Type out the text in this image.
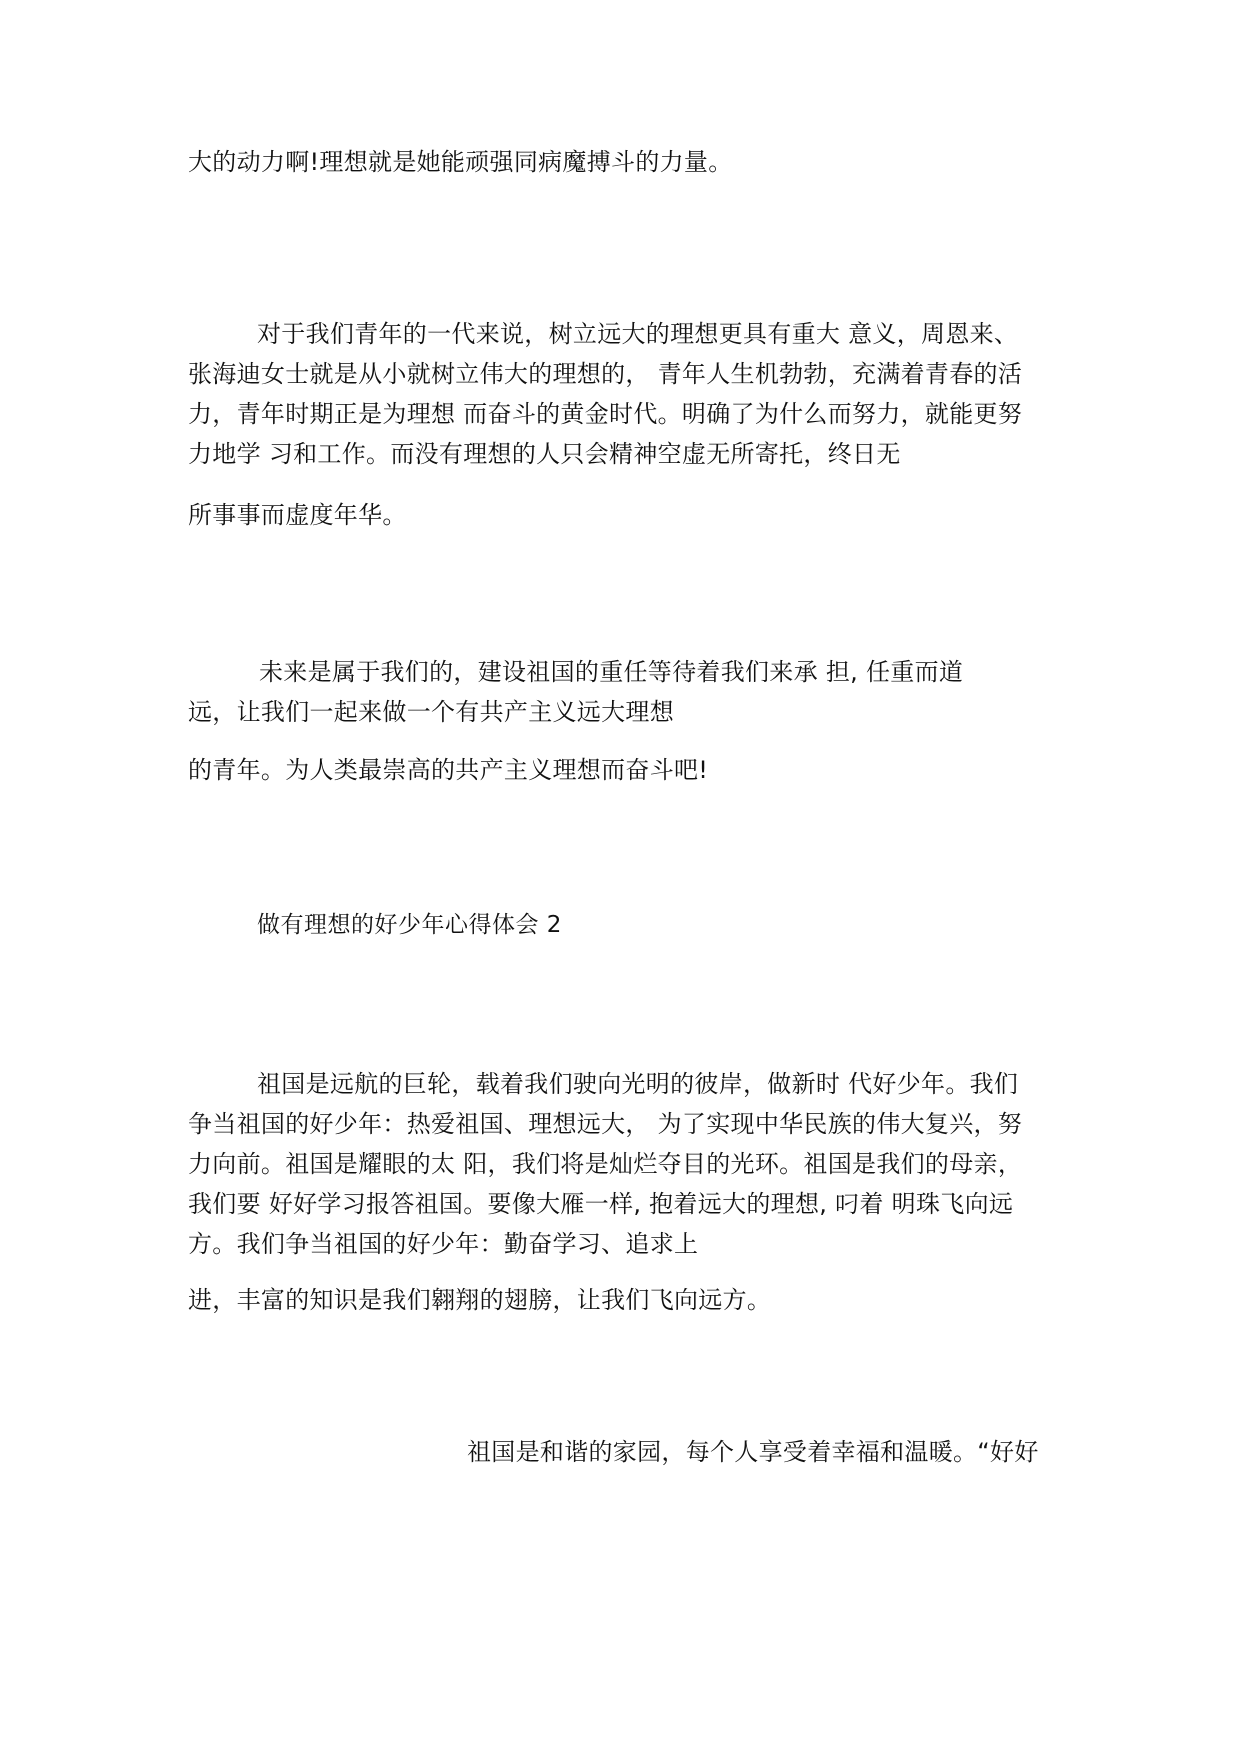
大的动力啊!理想就是她能顽强同病魔搏斗的力量。
对于我们青年的一代来说，树立远大的理想更具有重大 意义，周恩来、
张海迪女士就是从小就树立伟大的理想的， 青年人生机勃勃，充满着青春的活
力，青年时期正是为理想 而奋斗的黄金时代。明确了为什么而努力，就能更努
力地学 习和工作。而没有理想的人只会精神空虚无所寄托，终日无
所事事而虚度年华。
未来是属于我们的，建设祖国的重任等待着我们来承 担, 任重而道
远，让我们一起来做一个有共产主义远大理想
的青年。为人类最崇高的共产主义理想而奋斗吧!
做有理想的好少年心得体会 2
祖国是远航的巨轮，载着我们驶向光明的彼岸，做新时 代好少年。我们
争当祖国的好少年：热爱祖国、理想远大， 为了实现中华民族的伟大复兴，努
力向前。祖国是耀眼的太 阳，我们将是灿烂夺目的光环。祖国是我们的母亲，
我们要 好好学习报答祖国。要像大雁一样, 抱着远大的理想, 叼着 明珠飞向远
方。我们争当祖国的好少年：勤奋学习、追求上
进，丰富的知识是我们翱翔的翅膀，让我们飞向远方。
祖国是和谐的家园，每个人享受着幸福和温暖。“好好
